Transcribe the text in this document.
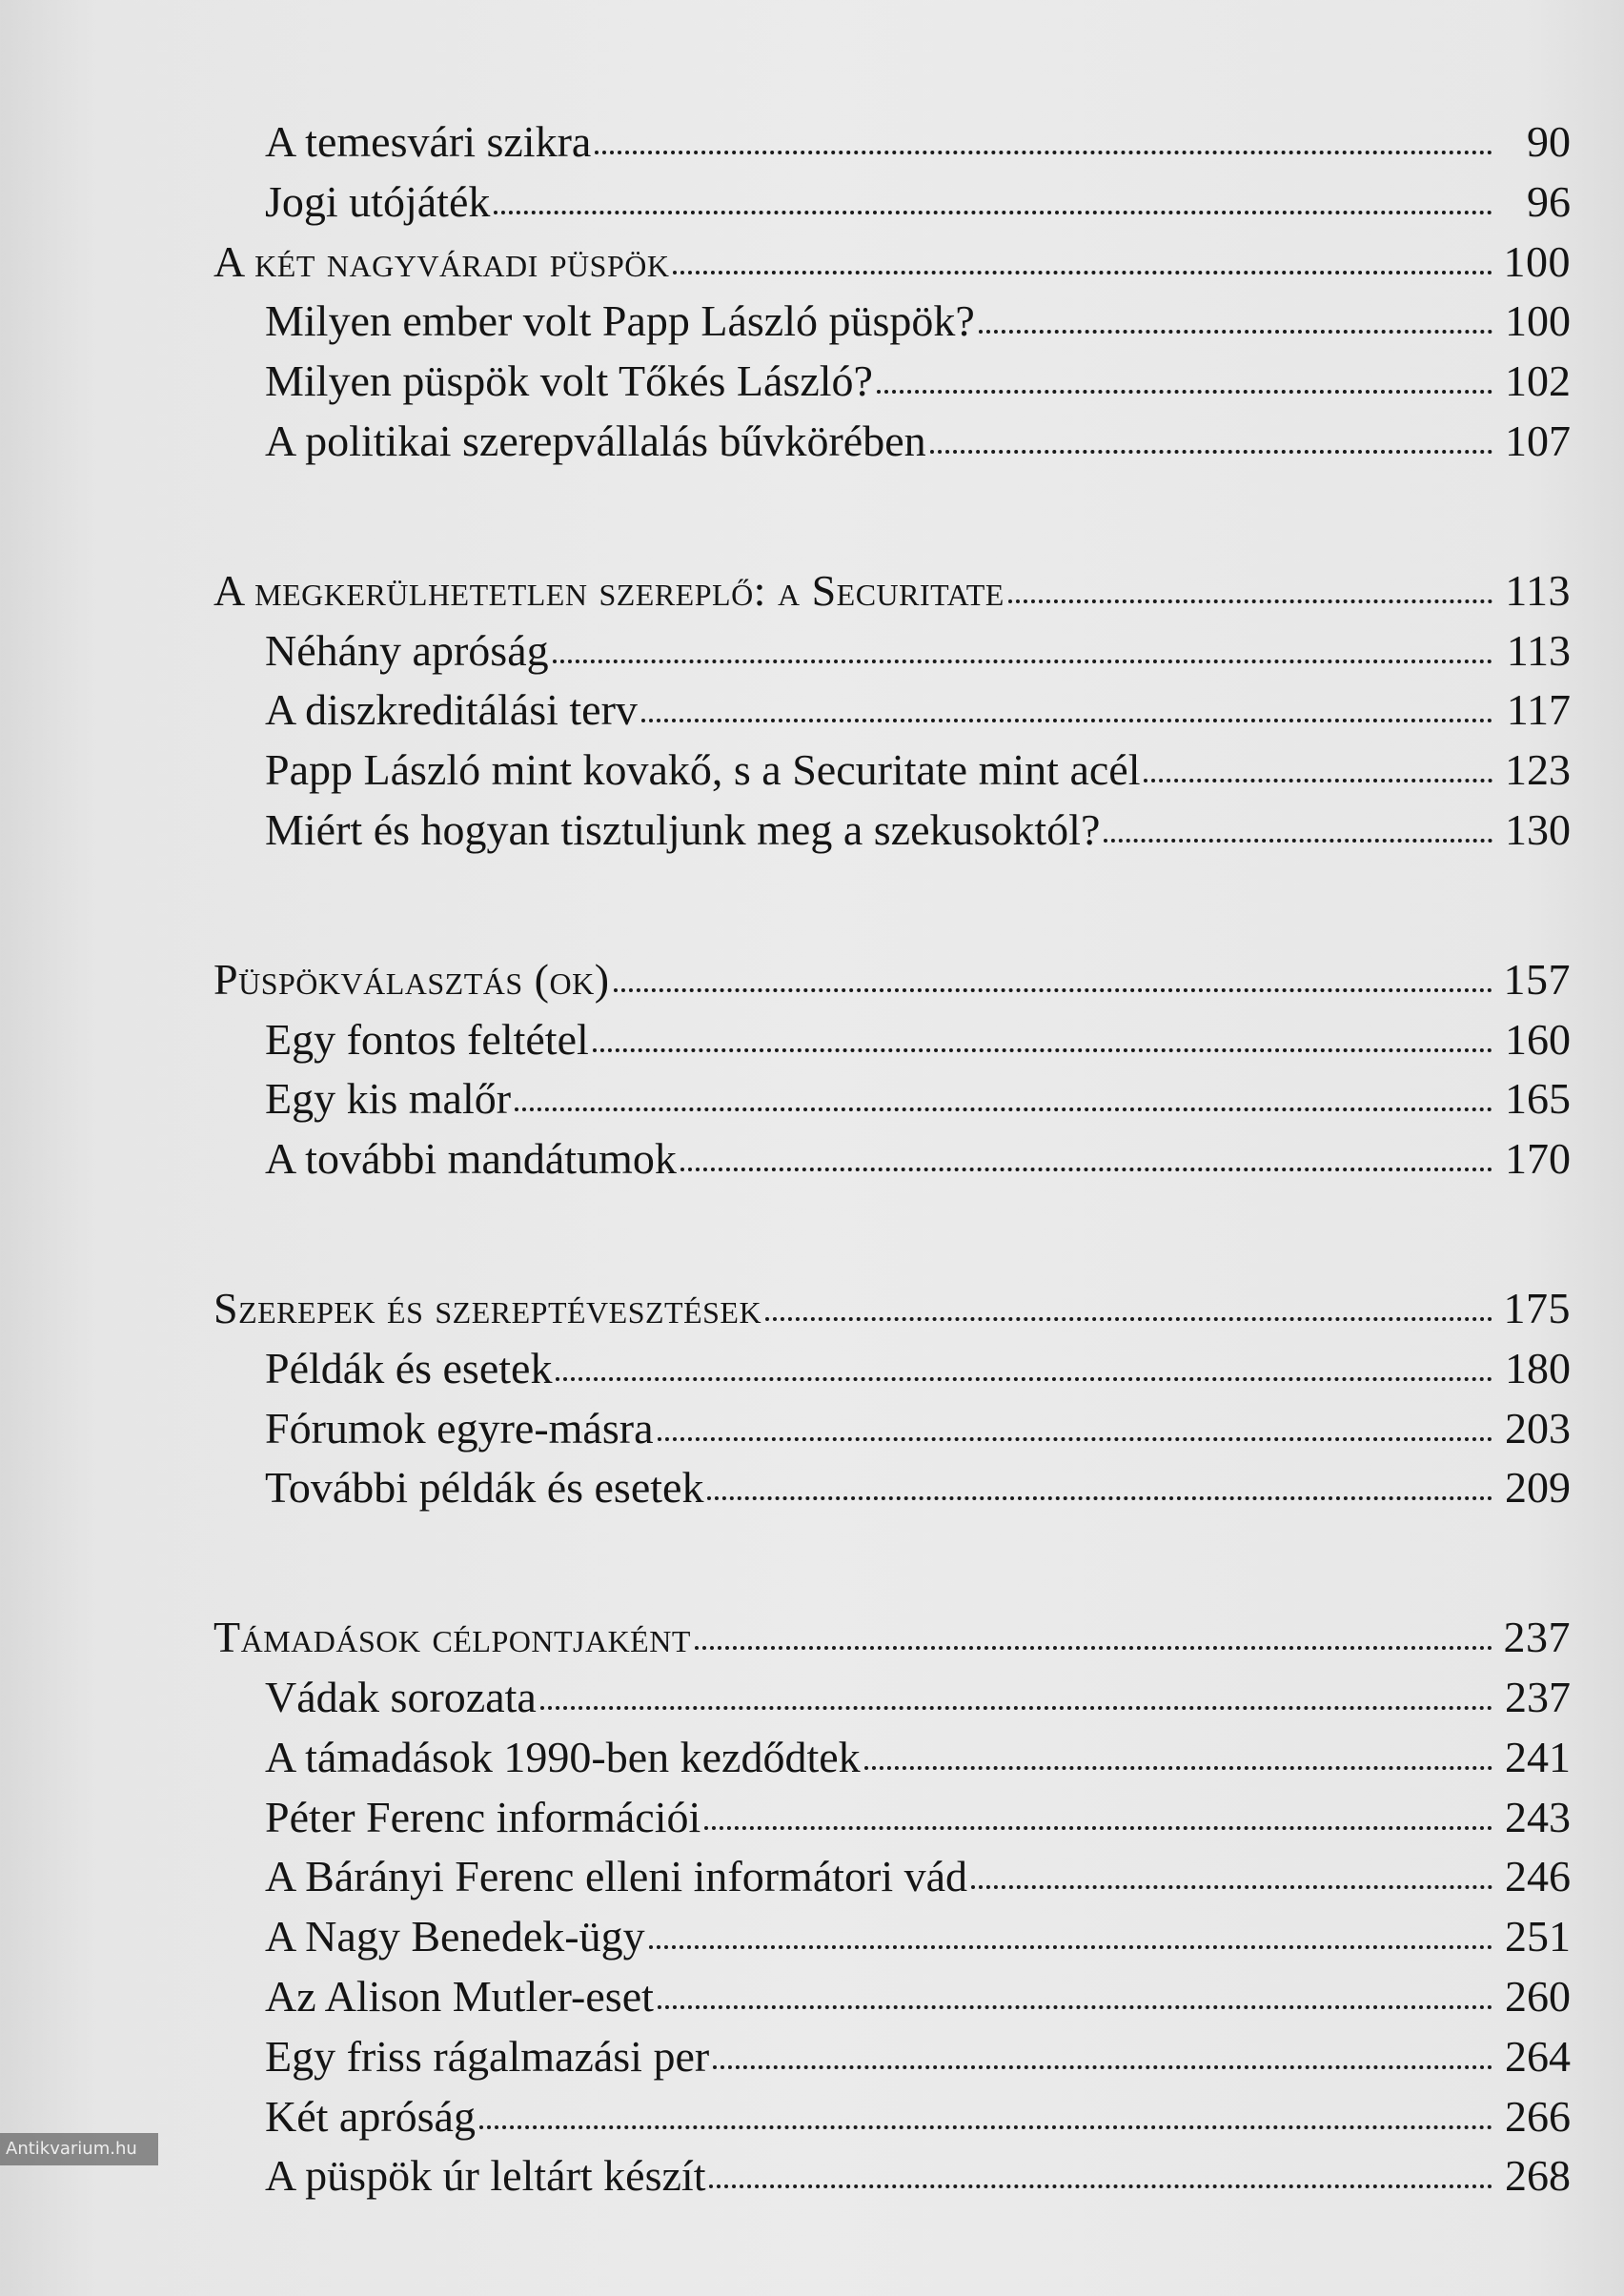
A temesvári szikra	90
Jogi utójáték	96
A két nagyváradi püspök	100
Milyen ember volt Papp László püspök?	100
Milyen püspök volt Tőkés László?	102
A politikai szerepvállalás bűvkörében	107
A megkerülhetetlen szereplő: a Securitate	113
Néhány apróság	113
A diszkreditálási terv	117
Papp László mint kovakő, s a Securitate mint acél	123
Miért és hogyan tisztuljunk meg a szekusoktól?	130
Püspökválasztás (ok)	157
Egy fontos feltétel	160
Egy kis malőr	165
A további mandátumok	170
Szerepek és szereptévesztések	175
Példák és esetek	180
Fórumok egyre-másra	203
További példák és esetek	209
Támadások célpontjaként	237
Vádak sorozata	237
A támadások 1990-ben kezdődtek	241
Péter Ferenc információi	243
A Bárányi Ferenc elleni informátori vád	246
A Nagy Benedek-ügy	251
Az Alison Mutler-eset	260
Egy friss rágalmazási per	264
Két apróság	266
A püspök úr leltárt készít	268
Antikvarium.hu
